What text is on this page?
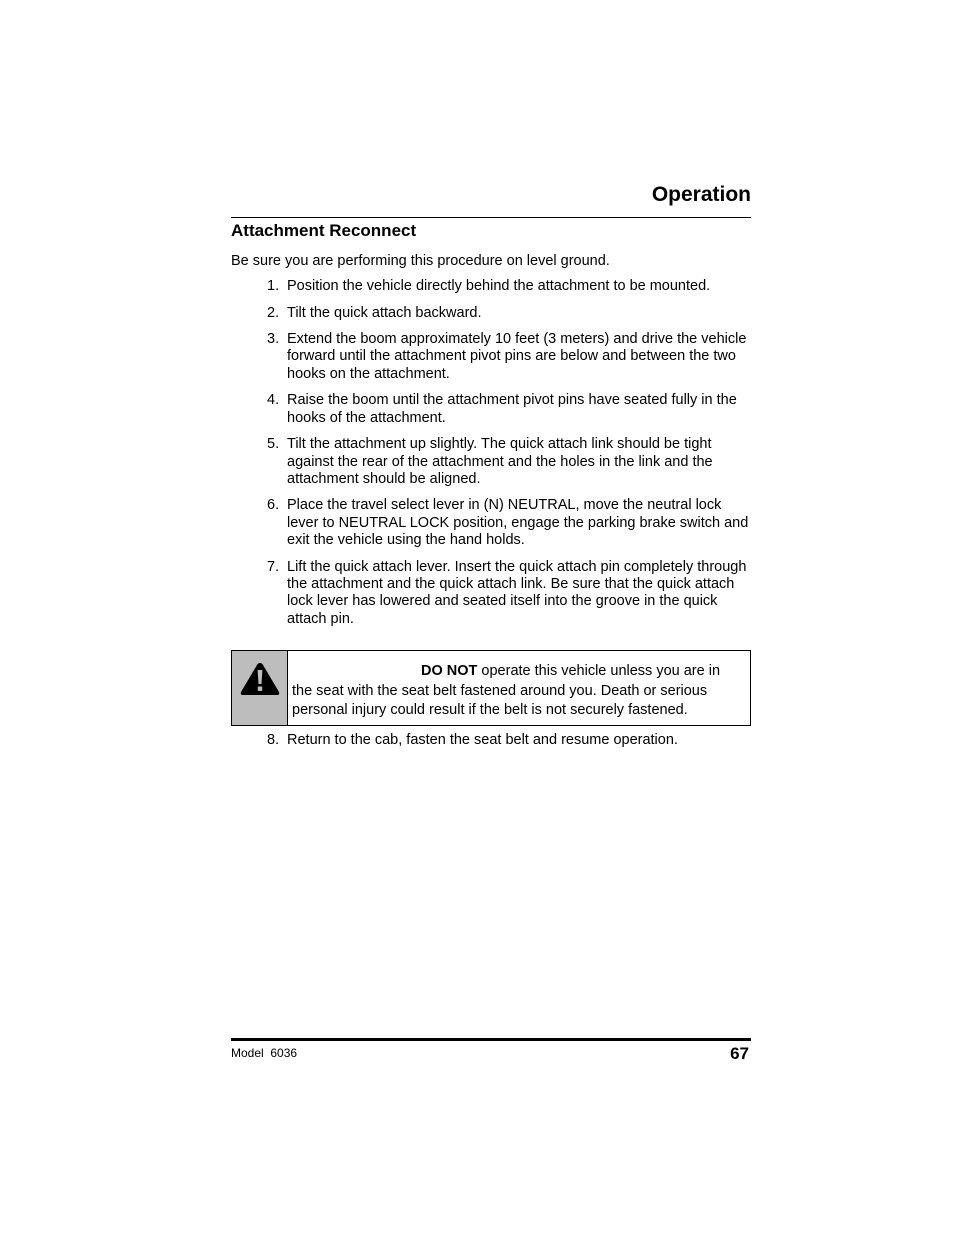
Operation
Attachment Reconnect

Be sure you are performing this procedure on level ground.

1. Position the vehicle directly behind the attachment to be mounted.
2. Tilt the quick attach backward.
3. Extend the boom approximately 10 feet (3 meters) and drive the vehicle forward until the attachment pivot pins are below and between the two hooks on the attachment.
4. Raise the boom until the attachment pivot pins have seated fully in the hooks of the attachment.
5. Tilt the attachment up slightly. The quick attach link should be tight against the rear of the attachment and the holes in the link and the attachment should be aligned.
6. Place the travel select lever in (N) NEUTRAL, move the neutral lock lever to NEUTRAL LOCK position, engage the parking brake switch and exit the vehicle using the hand holds.
7. Lift the quick attach lever. Insert the quick attach pin completely through the attachment and the quick attach link. Be sure that the quick attach lock lever has lowered and seated itself into the groove in the quick attach pin.
DO NOT operate this vehicle unless you are in the seat with the seat belt fastened around you. Death or serious personal injury could result if the belt is not securely fastened.
8. Return to the cab, fasten the seat belt and resume operation.
Model  6036	67
